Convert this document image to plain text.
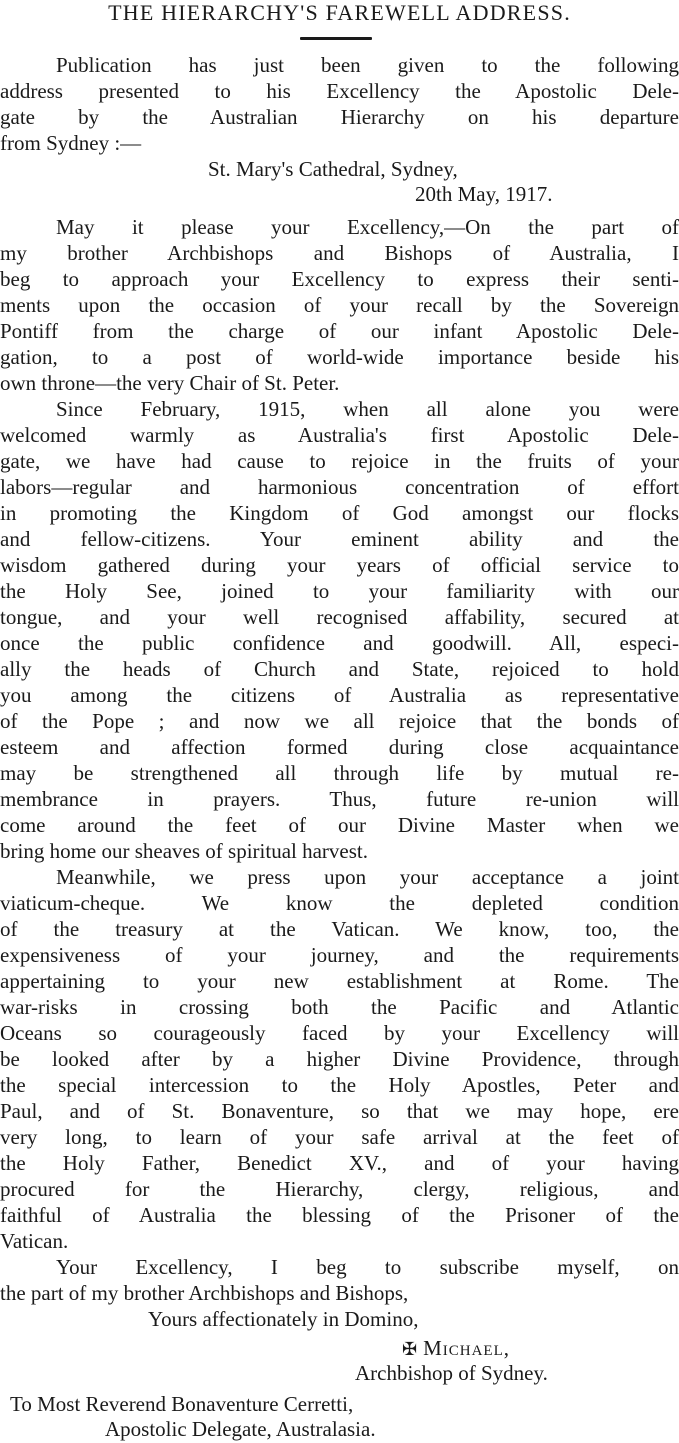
THE HIERARCHY'S FAREWELL ADDRESS.
Publication has just been given to the following
address presented to his Excellency the Apostolic Dele-
gate by the Australian Hierarchy on his departure
from Sydney :—
St. Mary's Cathedral, Sydney,
20th May, 1917.
May it please your Excellency,—On the part of
my brother Archbishops and Bishops of Australia, I
beg to approach your Excellency to express their senti-
ments upon the occasion of your recall by the Sovereign
Pontiff from the charge of our infant Apostolic Dele-
gation, to a post of world-wide importance beside his
own throne—the very Chair of St. Peter.
Since February, 1915, when all alone you were
welcomed warmly as Australia's first Apostolic Dele-
gate, we have had cause to rejoice in the fruits of your
labors—regular and harmonious concentration of effort
in promoting the Kingdom of God amongst our flocks
and fellow-citizens. Your eminent ability and the
wisdom gathered during your years of official service to
the Holy See, joined to your familiarity with our
tongue, and your well recognised affability, secured at
once the public confidence and goodwill. All, especi-
ally the heads of Church and State, rejoiced to hold
you among the citizens of Australia as representative
of the Pope ; and now we all rejoice that the bonds of
esteem and affection formed during close acquaintance
may be strengthened all through life by mutual re-
membrance in prayers. Thus, future re-union will
come around the feet of our Divine Master when we
bring home our sheaves of spiritual harvest.
Meanwhile, we press upon your acceptance a joint
viaticum-cheque. We know the depleted condition
of the treasury at the Vatican. We know, too, the
expensiveness of your journey, and the requirements
appertaining to your new establishment at Rome. The
war-risks in crossing both the Pacific and Atlantic
Oceans so courageously faced by your Excellency will
be looked after by a higher Divine Providence, through
the special intercession to the Holy Apostles, Peter and
Paul, and of St. Bonaventure, so that we may hope, ere
very long, to learn of your safe arrival at the feet of
the Holy Father, Benedict XV., and of your having
procured for the Hierarchy, clergy, religious, and
faithful of Australia the blessing of the Prisoner of the
Vatican.
Your Excellency, I beg to subscribe myself, on
the part of my brother Archbishops and Bishops,
Yours affectionately in Domino,
✠ Michael,
Archbishop of Sydney.
To Most Reverend Bonaventure Cerretti,
Apostolic Delegate, Australasia.
